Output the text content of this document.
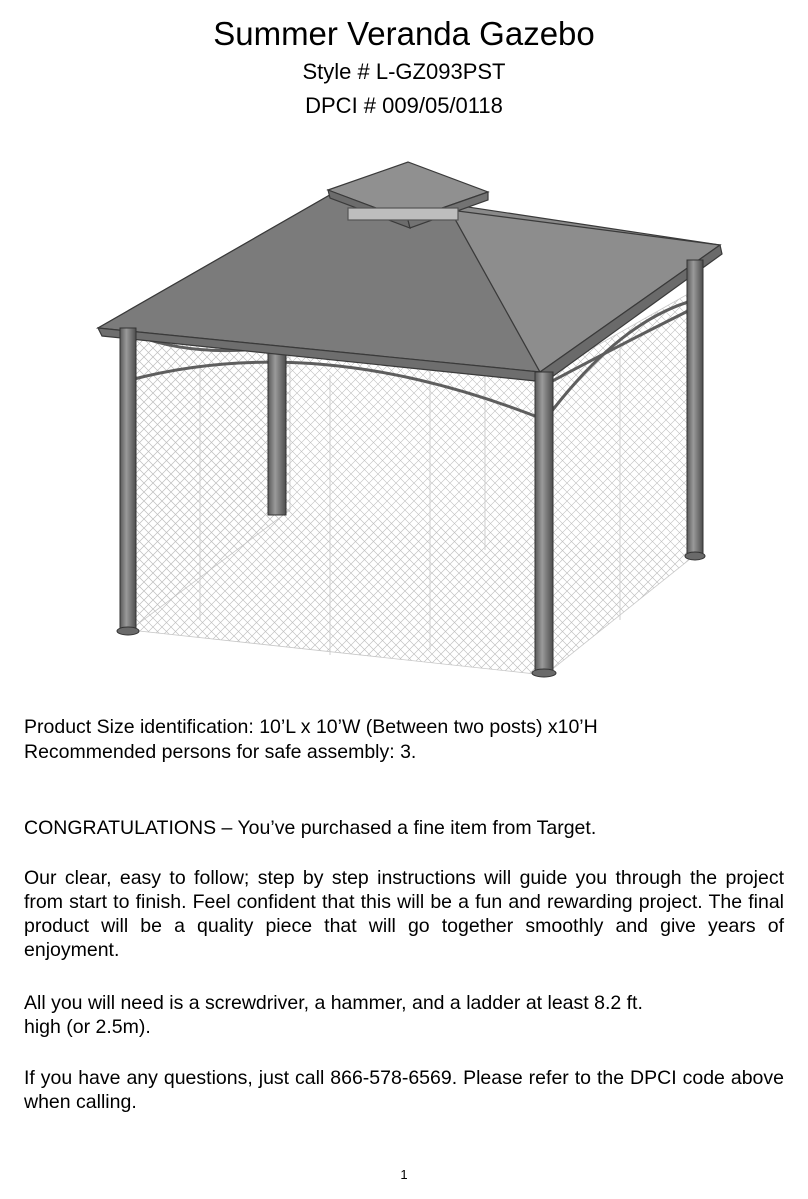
Summer Veranda Gazebo
Style # L-GZ093PST
DPCI # 009/05/0118
Product Size identification: 10’L x 10’W (Between two posts) x10’H
Recommended persons for safe assembly: 3.
CONGRATULATIONS – You’ve purchased a fine item from Target.
Our clear, easy to follow; step by step instructions will guide you through the project from start to finish. Feel confident that this will be a fun and rewarding project. The final product will be a quality piece that will go together smoothly and give years of enjoyment.
All you will need is a screwdriver, a hammer, and a ladder at least 8.2 ft.
high (or 2.5m).
If you have any questions, just call 866-578-6569. Please refer to the DPCI code above when calling.
1
